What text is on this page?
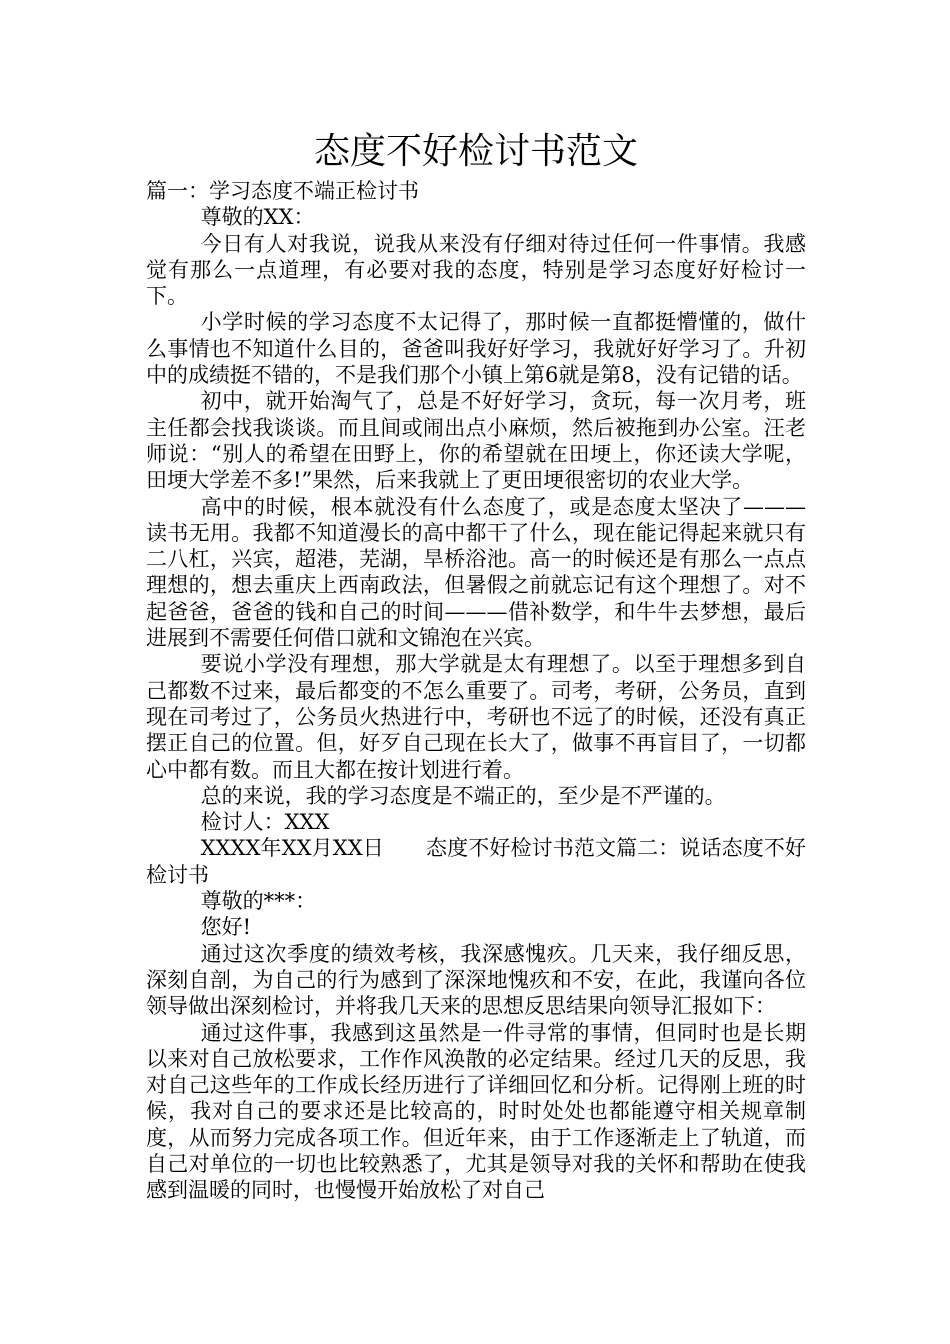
态度不好检讨书范文

篇一：学习态度不端正检讨书

尊敬的XX：

今日有人对我说，说我从来没有仔细对待过任何一件事情。我感觉有那么一点道理，有必要对我的态度，特别是学习态度好好检讨一下。

小学时候的学习态度不太记得了，那时候一直都挺懵懂的，做什么事情也不知道什么目的，爸爸叫我好好学习，我就好好学习了。升初中的成绩挺不错的，不是我们那个小镇上第6就是第8，没有记错的话。

初中，就开始淘气了，总是不好好学习，贪玩，每一次月考，班主任都会找我谈谈。而且间或闹出点小麻烦，然后被拖到办公室。汪老师说：“别人的希望在田野上，你的希望就在田埂上，你还读大学呢，田埂大学差不多!”果然，后来我就上了更田埂很密切的农业大学。

高中的时候，根本就没有什么态度了，或是态度太坚决了———读书无用。我都不知道漫长的高中都干了什么，现在能记得起来就只有二八杠，兴宾，超港，芜湖，旱桥浴池。高一的时候还是有那么一点点理想的，想去重庆上西南政法，但暑假之前就忘记有这个理想了。对不起爸爸，爸爸的钱和自己的时间———借补数学，和牛牛去梦想，最后进展到不需要任何借口就和文锦泡在兴宾。

要说小学没有理想，那大学就是太有理想了。以至于理想多到自己都数不过来，最后都变的不怎么重要了。司考，考研，公务员，直到现在司考过了，公务员火热进行中，考研也不远了的时候，还没有真正摆正自己的位置。但，好歹自己现在长大了，做事不再盲目了，一切都心中都有数。而且大都在按计划进行着。

总的来说，我的学习态度是不端正的，至少是不严谨的。

检讨人：XXX

XXXX年XX月XX日 态度不好检讨书范文篇二：说话态度不好检讨书

尊敬的***：

您好!

通过这次季度的绩效考核，我深感愧疚。几天来，我仔细反思，深刻自剖，为自己的行为感到了深深地愧疚和不安，在此，我谨向各位领导做出深刻检讨，并将我几天来的思想反思结果向领导汇报如下：

通过这件事，我感到这虽然是一件寻常的事情，但同时也是长期以来对自己放松要求，工作作风涣散的必定结果。经过几天的反思，我对自己这些年的工作成长经历进行了详细回忆和分析。记得刚上班的时候，我对自己的要求还是比较高的，时时处处也都能遵守相关规章制度，从而努力完成各项工作。但近年来，由于工作逐渐走上了轨道，而自己对单位的一切也比较熟悉了，尤其是领导对我的关怀和帮助在使我感到温暖的同时，也慢慢开始放松了对自己
